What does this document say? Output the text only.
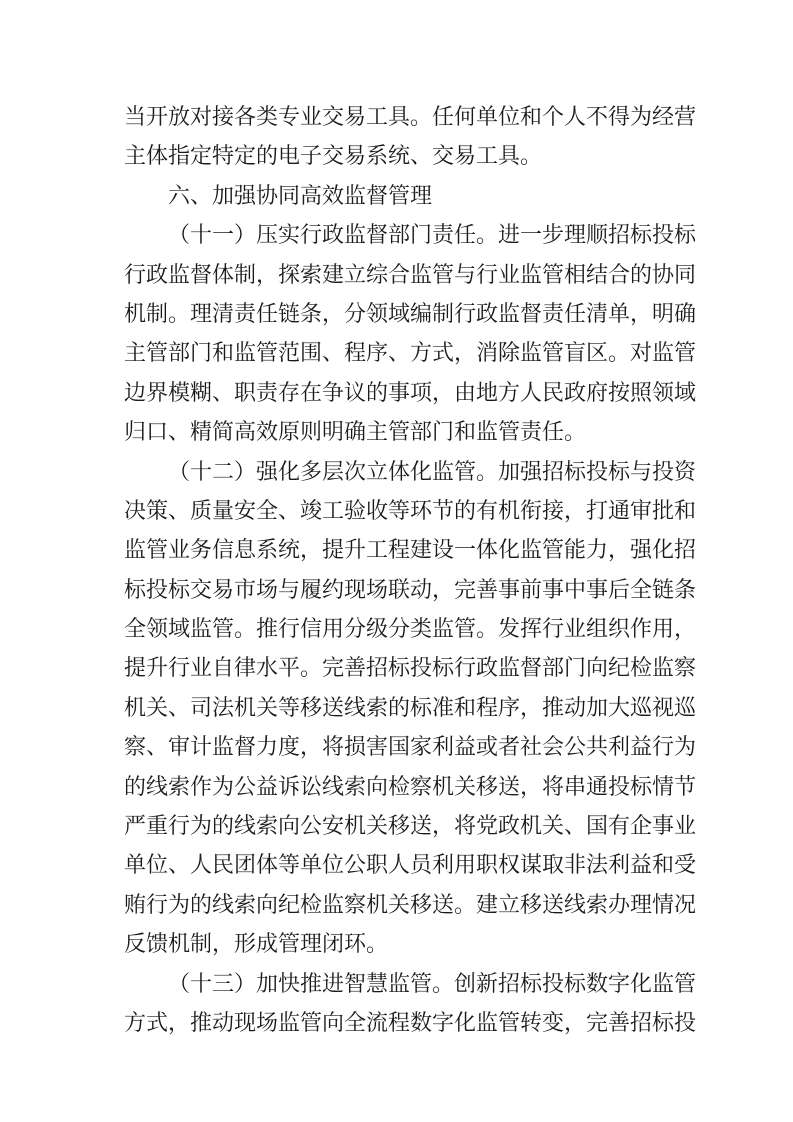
当开放对接各类专业交易工具。任何单位和个人不得为经营
主体指定特定的电子交易系统、交易工具。
六、加强协同高效监督管理
（十一）压实行政监督部门责任。进一步理顺招标投标
行政监督体制，探索建立综合监管与行业监管相结合的协同
机制。理清责任链条，分领域编制行政监督责任清单，明确
主管部门和监管范围、程序、方式，消除监管盲区。对监管
边界模糊、职责存在争议的事项，由地方人民政府按照领域
归口、精简高效原则明确主管部门和监管责任。
（十二）强化多层次立体化监管。加强招标投标与投资
决策、质量安全、竣工验收等环节的有机衔接，打通审批和
监管业务信息系统，提升工程建设一体化监管能力，强化招
标投标交易市场与履约现场联动，完善事前事中事后全链条
全领域监管。推行信用分级分类监管。发挥行业组织作用，
提升行业自律水平。完善招标投标行政监督部门向纪检监察
机关、司法机关等移送线索的标准和程序，推动加大巡视巡
察、审计监督力度，将损害国家利益或者社会公共利益行为
的线索作为公益诉讼线索向检察机关移送，将串通投标情节
严重行为的线索向公安机关移送，将党政机关、国有企事业
单位、人民团体等单位公职人员利用职权谋取非法利益和受
贿行为的线索向纪检监察机关移送。建立移送线索办理情况
反馈机制，形成管理闭环。
（十三）加快推进智慧监管。创新招标投标数字化监管
方式，推动现场监管向全流程数字化监管转变，完善招标投
